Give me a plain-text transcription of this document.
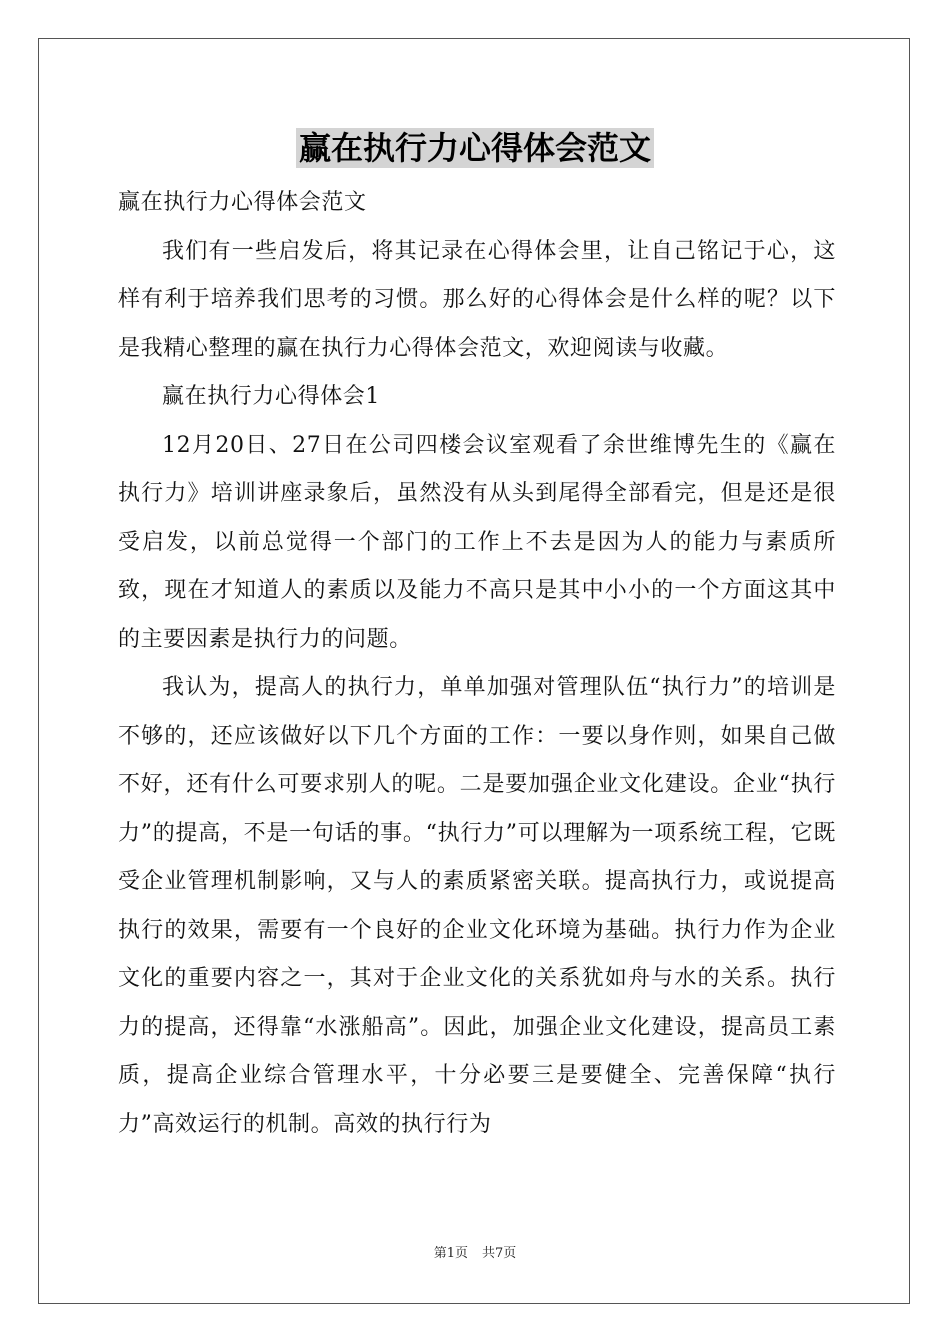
赢在执行力心得体会范文

赢在执行力心得体会范文

我们有一些启发后，将其记录在心得体会里，让自己铭记于心，这样有利于培养我们思考的习惯。那么好的心得体会是什么样的呢？以下是我精心整理的赢在执行力心得体会范文，欢迎阅读与收藏。

赢在执行力心得体会1

12月20日、27日在公司四楼会议室观看了余世维博先生的《赢在执行力》培训讲座录象后，虽然没有从头到尾得全部看完，但是还是很受启发，以前总觉得一个部门的工作上不去是因为人的能力与素质所致，现在才知道人的素质以及能力不高只是其中小小的一个方面这其中的主要因素是执行力的问题。

我认为，提高人的执行力，单单加强对管理队伍“执行力”的培训是不够的，还应该做好以下几个方面的工作：一要以身作则，如果自己做不好，还有什么可要求别人的呢。二是要加强企业文化建设。企业“执行力”的提高，不是一句话的事。“执行力”可以理解为一项系统工程，它既受企业管理机制影响，又与人的素质紧密关联。提高执行力，或说提高执行的效果，需要有一个良好的企业文化环境为基础。执行力作为企业文化的重要内容之一，其对于企业文化的关系犹如舟与水的关系。执行力的提高，还得靠“水涨船高”。因此，加强企业文化建设，提高员工素质，提高企业综合管理水平，十分必要三是要健全、完善保障“执行力”高效运行的机制。高效的执行行为

第1页 共7页
